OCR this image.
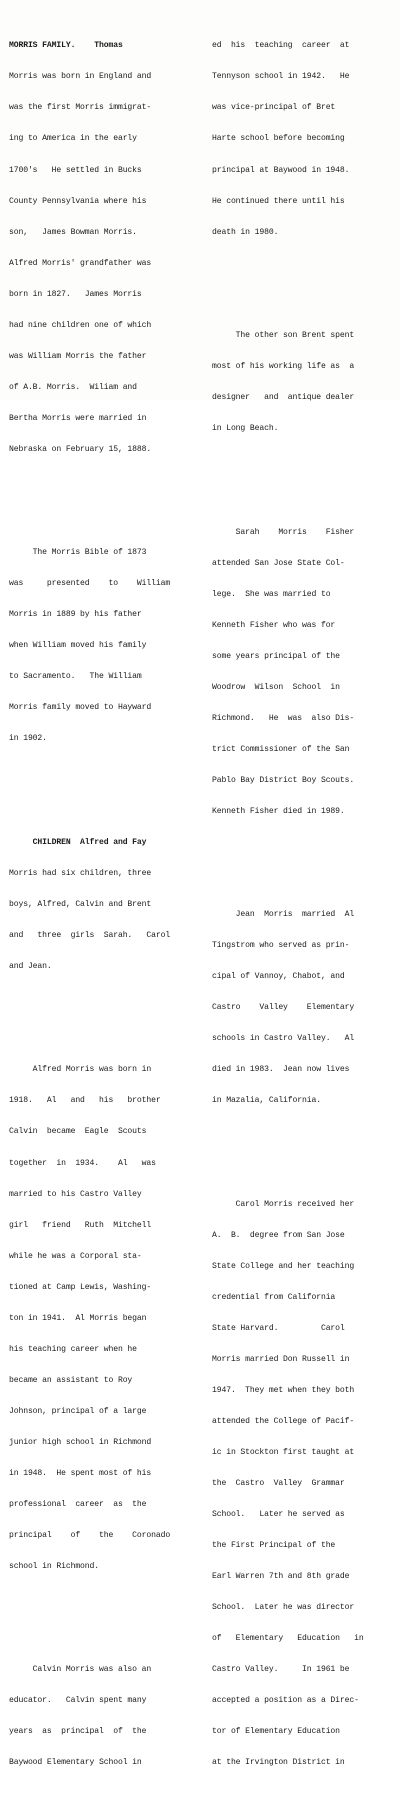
MORRIS FAMILY.    Thomas

Morris was born in England and

was the first Morris immigrat-

ing to America in the early

1700's   He settled in Bucks

County Pennsylvania where his

son,   James Bowman Morris.

Alfred Morris' grandfather was

born in 1827.   James Morris

had nine children one of which

was William Morris the father

of A.B. Morris.  Wiliam and

Bertha Morris were married in

Nebraska on February 15, 1888.

The Morris Bible of 1873

was     presented    to    William

Morris in 1889 by his father

when William moved his family

to Sacramento.   The William

Morris family moved to Hayward

in 1902.

CHILDREN  Alfred and Fay

Morris had six children, three

boys, Alfred, Calvin and Brent

and   three  girls  Sarah.   Carol

and Jean.

Alfred Morris was born in

1918.   Al   and   his   brother

Calvin  became  Eagle  Scouts

together  in  1934.    Al   was

married to his Castro Valley

girl   friend   Ruth  Mitchell

while he was a Corporal sta-

tioned at Camp Lewis, Washing-

ton in 1941.  Al Morris began

his teaching career when he

became an assistant to Roy

Johnson, principal of a large

junior high school in Richmond

in 1948.  He spent most of his

professional  career  as  the

principal    of    the    Coronado

school in Richmond.

Calvin Morris was also an

educator.   Calvin spent many

years  as  principal  of  the

Baywood Elementary School in

ed  his  teaching  career  at

Tennyson school in 1942.   He

was vice-principal of Bret

Harte school before becoming

principal at Baywood in 1948.

He continued there until his

death in 1980.

The other son Brent spent

most of his working life as  a

designer   and  antique dealer

in Long Beach.

Sarah    Morris    Fisher

attended San Jose State Col-

lege.  She was married to

Kenneth Fisher who was for

some years principal of the

Woodrow  Wilson  School  in

Richmond.   He  was  also Dis-

trict Commissioner of the San

Pablo Bay District Boy Scouts.

Kenneth Fisher died in 1989.

Jean  Morris  married  Al

Tingstrom who served as prin-

cipal of Vannoy, Chabot, and

Castro    Valley    Elementary

schools in Castro Valley.   Al

died in 1983.  Jean now lives

in Mazalia, California.

Carol Morris received her

A.  B.  degree from San Jose

State College and her teaching

credential from California

State Harvard.         Carol

Morris married Don Russell in

1947.  They met when they both

attended the College of Pacif-

ic in Stockton first taught at

the  Castro  Valley  Grammar

School.   Later he served as

the First Principal of the

Earl Warren 7th and 8th grade

School.  Later he was director

of   Elementary   Education   in

Castro Valley.     In 1961 be

accepted a position as a Direc-

tor of Elementary Education

at the Irvington District in
